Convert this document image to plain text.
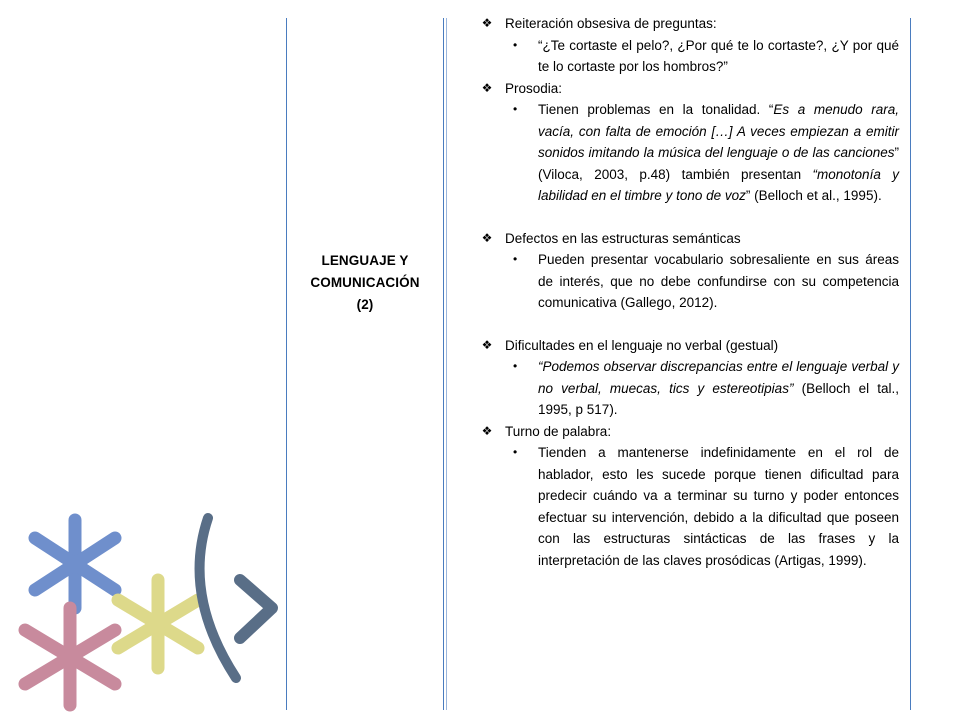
LENGUAJE Y
COMUNICACIÓN
(2)
❖ Reiteración obsesiva de preguntas:
• “¿Te cortaste el pelo?, ¿Por qué te lo cortaste?, ¿Y por qué te lo cortaste por los hombros?”
❖ Prosodia:
• Tienen problemas en la tonalidad. “Es a menudo rara, vacía, con falta de emoción […] A veces empiezan a emitir sonidos imitando la música del lenguaje o de las canciones” (Viloca, 2003, p.48) también presentan “monotonía y labilidad en el timbre y tono de voz” (Belloch et al., 1995).
❖ Defectos en las estructuras semánticas
• Pueden presentar vocabulario sobresaliente en sus áreas de interés, que no debe confundirse con su competencia comunicativa (Gallego, 2012).
❖ Dificultades en el lenguaje no verbal (gestual)
• “Podemos observar discrepancias entre el lenguaje verbal y no verbal, muecas, tics y estereotipias” (Belloch el tal., 1995, p 517).
❖ Turno de palabra:
• Tienden a mantenerse indefinidamente en el rol de hablador, esto les sucede porque tienen dificultad para predecir cuándo va a terminar su turno y poder entonces efectuar su intervención, debido a la dificultad que poseen con las estructuras sintácticas de las frases y la interpretación de las claves prosódicas (Artigas, 1999).
